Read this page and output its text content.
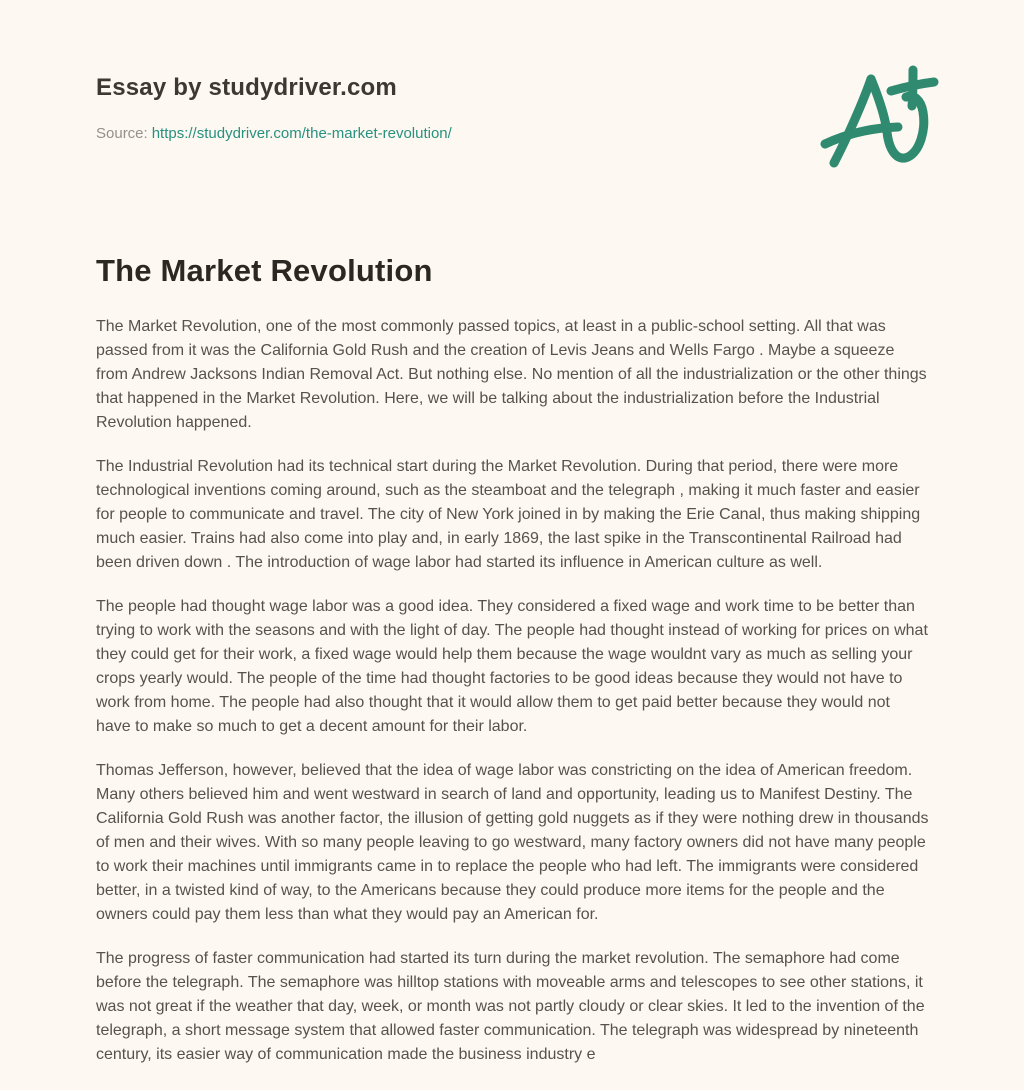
Essay by studydriver.com
Source: https://studydriver.com/the-market-revolution/
The Market Revolution

The Market Revolution, one of the most commonly passed topics, at least in a public-school setting. All that was passed from it was the California Gold Rush and the creation of Levis Jeans and Wells Fargo . Maybe a squeeze from Andrew Jacksons Indian Removal Act. But nothing else. No mention of all the industrialization or the other things that happened in the Market Revolution. Here, we will be talking about the industrialization before the Industrial Revolution happened.

The Industrial Revolution had its technical start during the Market Revolution. During that period, there were more technological inventions coming around, such as the steamboat and the telegraph , making it much faster and easier for people to communicate and travel. The city of New York joined in by making the Erie Canal, thus making shipping much easier. Trains had also come into play and, in early 1869, the last spike in the Transcontinental Railroad had been driven down . The introduction of wage labor had started its influence in American culture as well.

The people had thought wage labor was a good idea. They considered a fixed wage and work time to be better than trying to work with the seasons and with the light of day. The people had thought instead of working for prices on what they could get for their work, a fixed wage would help them because the wage wouldnt vary as much as selling your crops yearly would. The people of the time had thought factories to be good ideas because they would not have to work from home. The people had also thought that it would allow them to get paid better because they would not have to make so much to get a decent amount for their labor.

Thomas Jefferson, however, believed that the idea of wage labor was constricting on the idea of American freedom. Many others believed him and went westward in search of land and opportunity, leading us to Manifest Destiny. The California Gold Rush was another factor, the illusion of getting gold nuggets as if they were nothing drew in thousands of men and their wives. With so many people leaving to go westward, many factory owners did not have many people to work their machines until immigrants came in to replace the people who had left. The immigrants were considered better, in a twisted kind of way, to the Americans because they could produce more items for the people and the owners could pay them less than what they would pay an American for.

The progress of faster communication had started its turn during the market revolution. The semaphore had come before the telegraph. The semaphore was hilltop stations with moveable arms and telescopes to see other stations, it was not great if the weather that day, week, or month was not partly cloudy or clear skies. It led to the invention of the telegraph, a short message system that allowed faster communication. The telegraph was widespread by nineteenth century, its easier way of communication made the business industry e
